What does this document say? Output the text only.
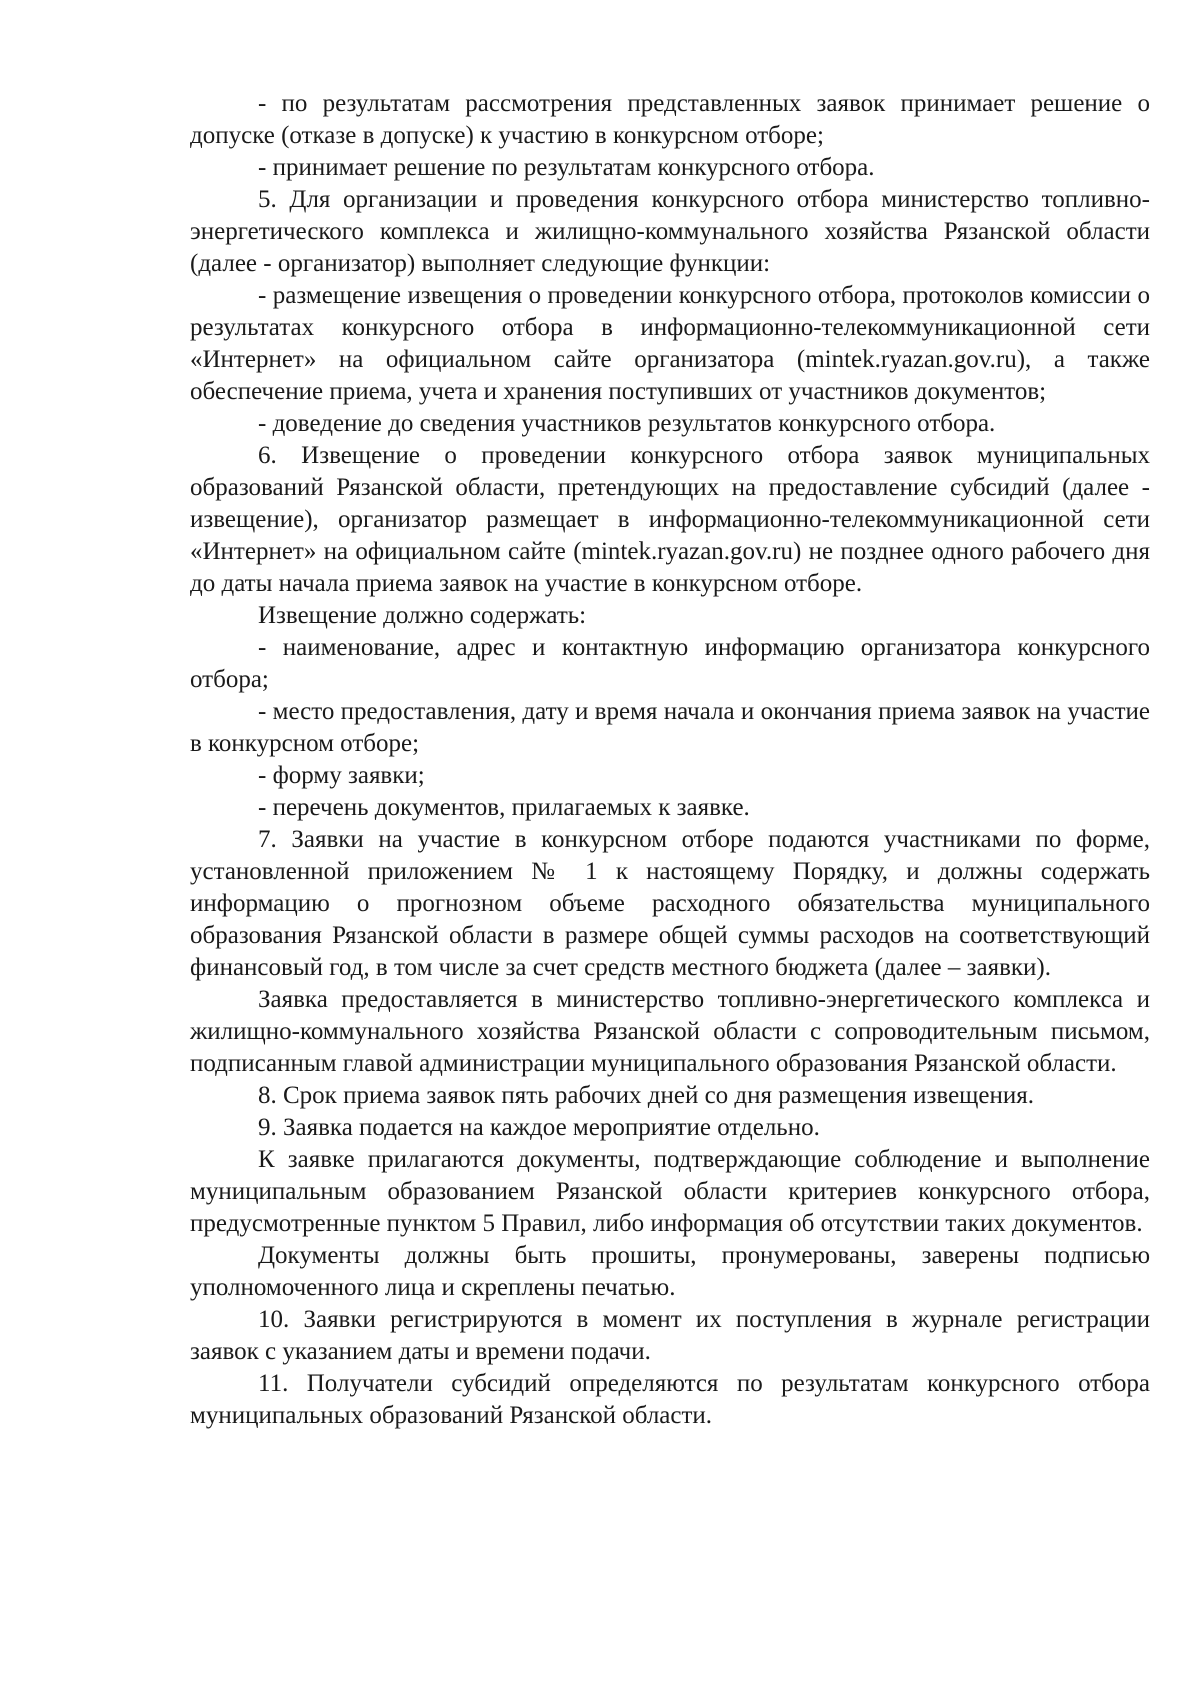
- по результатам рассмотрения представленных заявок принимает решение о допуске (отказе в допуске) к участию в конкурсном отборе;

- принимает решение по результатам конкурсного отбора.

5. Для организации и проведения конкурсного отбора министерство топливно-энергетического комплекса и жилищно-коммунального хозяйства Рязанской области (далее - организатор) выполняет следующие функции:

- размещение извещения о проведении конкурсного отбора, протоколов комиссии о результатах конкурсного отбора в информационно-телекоммуникационной сети «Интернет» на официальном сайте организатора (mintek.ryazan.gov.ru), а также обеспечение приема, учета и хранения поступивших от участников документов;

- доведение до сведения участников результатов конкурсного отбора.

6. Извещение о проведении конкурсного отбора заявок муниципальных образований Рязанской области, претендующих на предоставление субсидий (далее - извещение), организатор размещает в информационно-телекоммуникационной сети «Интернет» на официальном сайте (mintek.ryazan.gov.ru) не позднее одного рабочего дня до даты начала приема заявок на участие в конкурсном отборе.

Извещение должно содержать:

- наименование, адрес и контактную информацию организатора конкурсного отбора;

- место предоставления, дату и время начала и окончания приема заявок на участие в конкурсном отборе;

- форму заявки;

- перечень документов, прилагаемых к заявке.

7. Заявки на участие в конкурсном отборе подаются участниками по форме, установленной приложением № 1 к настоящему Порядку, и должны содержать информацию о прогнозном объеме расходного обязательства муниципального образования Рязанской области в размере общей суммы расходов на соответствующий финансовый год, в том числе за счет средств местного бюджета (далее – заявки).

Заявка предоставляется в министерство топливно-энергетического комплекса и жилищно-коммунального хозяйства Рязанской области с сопроводительным письмом, подписанным главой администрации муниципального образования Рязанской области.

8. Срок приема заявок пять рабочих дней со дня размещения извещения.

9. Заявка подается на каждое мероприятие отдельно.

К заявке прилагаются документы, подтверждающие соблюдение и выполнение муниципальным образованием Рязанской области критериев конкурсного отбора, предусмотренные пунктом 5 Правил, либо информация об отсутствии таких документов.

Документы должны быть прошиты, пронумерованы, заверены подписью уполномоченного лица и скреплены печатью.

10. Заявки регистрируются в момент их поступления в журнале регистрации заявок с указанием даты и времени подачи.

11. Получатели субсидий определяются по результатам конкурсного отбора муниципальных образований Рязанской области.
